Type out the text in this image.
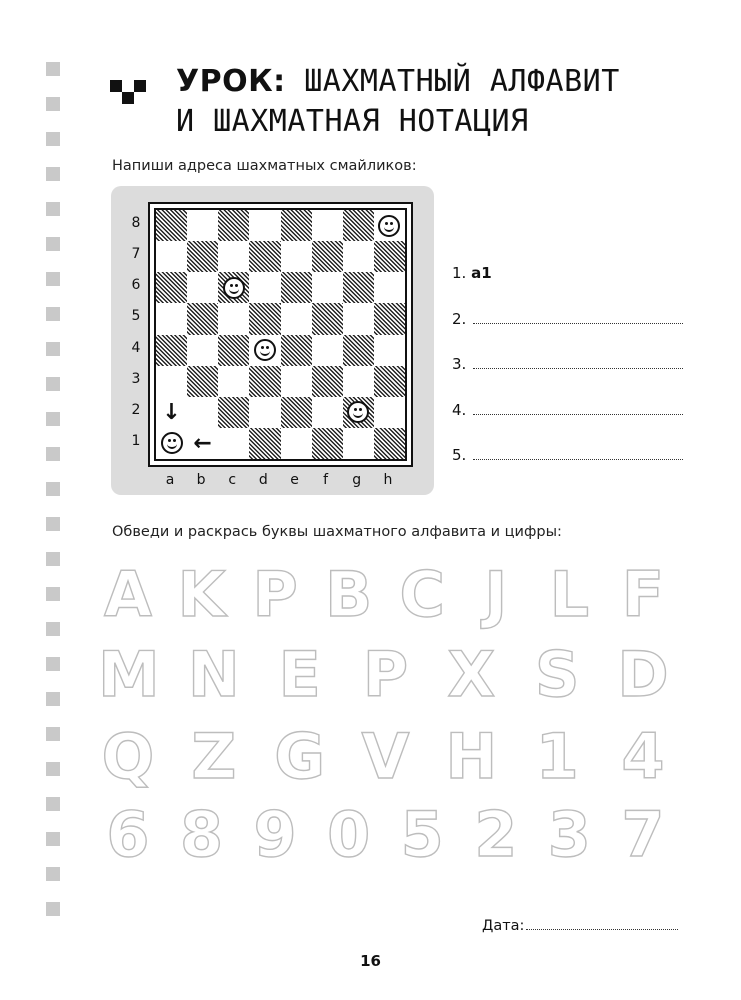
УРОК: ШАХМАТНЫЙ АЛФАВИТ
И ШАХМАТНАЯ НОТАЦИЯ
Напиши адреса шахматных смайликов:
↓
←
8
7
6
5
4
3
2
1
a	b	c	d	e	f	g	h
1. a1
2.
3.
4.
5.
Обведи и раскрась буквы шахматного алфавита и цифры:
A K P B C J L F
M N E P X S D
Q Z G V H 1 4
6 8 9 0 5 2 3 7
Дата:
16
